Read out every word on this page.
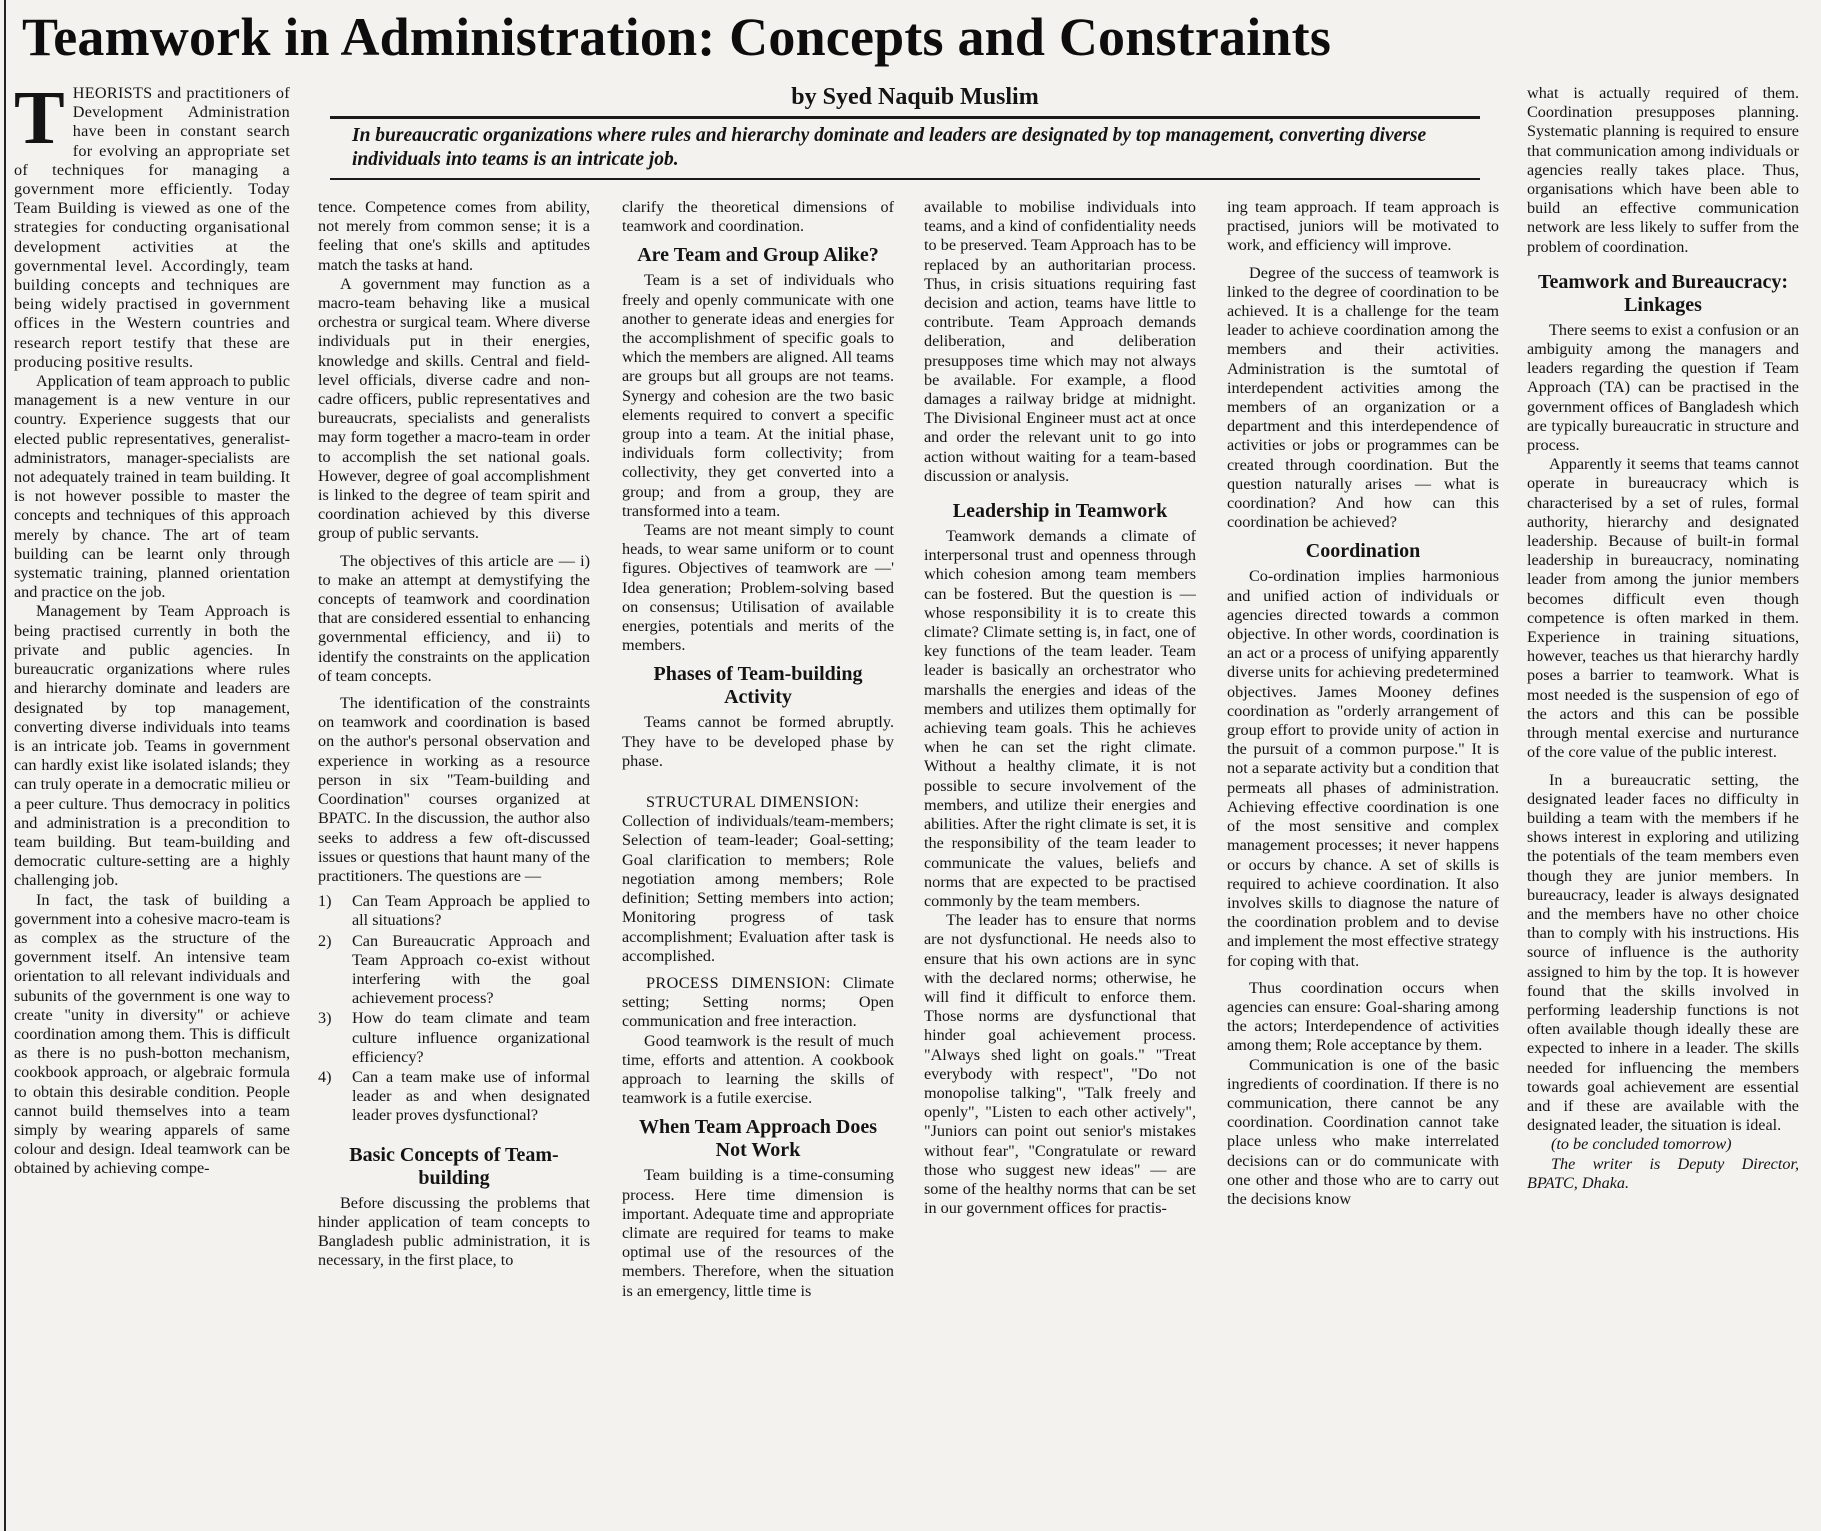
Teamwork in Administration: Concepts and Constraints
by Syed Naquib Muslim
In bureaucratic organizations where rules and hierarchy dominate and leaders are designated by top management, converting diverse individuals into teams is an intricate job.

THEORISTS and practitioners of Development Administration have been in constant search for evolving an appropriate set of techniques for managing a government more efficiently. Today Team Building is viewed as one of the strategies for conducting organisational development activities at the governmental level. Accordingly, team building concepts and techniques are being widely practised in government offices in the Western countries and research report testify that these are producing positive results.

Application of team approach to public management is a new venture in our country. Experience suggests that our elected public representatives, generalist-administrators, manager-specialists are not adequately trained in team building. It is not however possible to master the concepts and techniques of this approach merely by chance. The art of team building can be learnt only through systematic training, planned orientation and practice on the job.

Management by Team Approach is being practised currently in both the private and public agencies. In bureaucratic organizations where rules and hierarchy dominate and leaders are designated by top management, converting diverse individuals into teams is an intricate job. Teams in government can hardly exist like isolated islands; they can truly operate in a democratic milieu or a peer culture. Thus democracy in politics and administration is a precondition to team building. But team-building and democratic culture-setting are a highly challenging job.

In fact, the task of building a government into a cohesive macro-team is as complex as the structure of the government itself. An intensive team orientation to all relevant individuals and subunits of the government is one way to create "unity in diversity" or achieve coordination among them. This is difficult as there is no push-botton mechanism, cookbook approach, or algebraic formula to obtain this desirable condition. People cannot build themselves into a team simply by wearing apparels of same colour and design. Ideal teamwork can be obtained by achieving compe-

tence. Competence comes from ability, not merely from common sense; it is a feeling that one's skills and aptitudes match the tasks at hand.

A government may function as a macro-team behaving like a musical orchestra or surgical team. Where diverse individuals put in their energies, knowledge and skills. Central and field-level officials, diverse cadre and non-cadre officers, public representatives and bureaucrats, specialists and generalists may form together a macro-team in order to accomplish the set national goals. However, degree of goal accomplishment is linked to the degree of team spirit and coordination achieved by this diverse group of public servants.

The objectives of this article are — i) to make an attempt at demystifying the concepts of teamwork and coordination that are considered essential to enhancing governmental efficiency, and ii) to identify the constraints on the application of team concepts.

The identification of the constraints on teamwork and coordination is based on the author's personal observation and experience in working as a resource person in six "Team-building and Coordination" courses organized at BPATC. In the discussion, the author also seeks to address a few oft-discussed issues or questions that haunt many of the practitioners. The questions are —

1)	Can Team Approach be applied to all situations?
2)	Can Bureaucratic Approach and Team Approach co-exist without interfering with the goal achievement process?
3)	How do team climate and team culture influence organizational efficiency?
4)	Can a team make use of informal leader as and when designated leader proves dysfunctional?
Basic Concepts of Team-building

Before discussing the problems that hinder application of team concepts to Bangladesh public administration, it is necessary, in the first place, to

clarify the theoretical dimensions of teamwork and coordination.

Are Team and Group Alike?

Team is a set of individuals who freely and openly communicate with one another to generate ideas and energies for the accomplishment of specific goals to which the members are aligned. All teams are groups but all groups are not teams. Synergy and cohesion are the two basic elements required to convert a specific group into a team. At the initial phase, individuals form collectivity; from collectivity, they get converted into a group; and from a group, they are transformed into a team.

Teams are not meant simply to count heads, to wear same uniform or to count figures. Objectives of teamwork are —' Idea generation; Problem-solving based on consensus; Utilisation of available energies, potentials and merits of the members.

Phases of Team-building Activity

Teams cannot be formed abruptly. They have to be developed phase by phase.

STRUCTURAL DIMENSION:

Collection of individuals/team-members; Selection of team-leader; Goal-setting; Goal clarification to members; Role negotiation among members; Role definition; Setting members into action; Monitoring progress of task accomplishment; Evaluation after task is accomplished.

PROCESS DIMENSION: Climate setting; Setting norms; Open communication and free interaction.

Good teamwork is the result of much time, efforts and attention. A cookbook approach to learning the skills of teamwork is a futile exercise.

When Team Approach Does Not Work

Team building is a time-consuming process. Here time dimension is important. Adequate time and appropriate climate are required for teams to make optimal use of the resources of the members. Therefore, when the situation is an emergency, little time is

available to mobilise individuals into teams, and a kind of confidentiality needs to be preserved. Team Approach has to be replaced by an authoritarian process. Thus, in crisis situations requiring fast decision and action, teams have little to contribute. Team Approach demands deliberation, and deliberation presupposes time which may not always be available. For example, a flood damages a railway bridge at midnight. The Divisional Engineer must act at once and order the relevant unit to go into action without waiting for a team-based discussion or analysis.

Leadership in Teamwork

Teamwork demands a climate of interpersonal trust and openness through which cohesion among team members can be fostered. But the question is — whose responsibility it is to create this climate? Climate setting is, in fact, one of key functions of the team leader. Team leader is basically an orchestrator who marshalls the energies and ideas of the members and utilizes them optimally for achieving team goals. This he achieves when he can set the right climate. Without a healthy climate, it is not possible to secure involvement of the members, and utilize their energies and abilities. After the right climate is set, it is the responsibility of the team leader to communicate the values, beliefs and norms that are expected to be practised commonly by the team members.

The leader has to ensure that norms are not dysfunctional. He needs also to ensure that his own actions are in sync with the declared norms; otherwise, he will find it difficult to enforce them. Those norms are dysfunctional that hinder goal achievement process. "Always shed light on goals." "Treat everybody with respect", "Do not monopolise talking", "Talk freely and openly", "Listen to each other actively", "Juniors can point out senior's mistakes without fear", "Congratulate or reward those who suggest new ideas" — are some of the healthy norms that can be set in our government offices for practis-

ing team approach. If team approach is practised, juniors will be motivated to work, and efficiency will improve.

Degree of the success of teamwork is linked to the degree of coordination to be achieved. It is a challenge for the team leader to achieve coordination among the members and their activities. Administration is the sumtotal of interdependent activities among the members of an organization or a department and this interdependence of activities or jobs or programmes can be created through coordination. But the question naturally arises — what is coordination? And how can this coordination be achieved?

Coordination

Co-ordination implies harmonious and unified action of individuals or agencies directed towards a common objective. In other words, coordination is an act or a process of unifying apparently diverse units for achieving predetermined objectives. James Mooney defines coordination as "orderly arrangement of group effort to provide unity of action in the pursuit of a common purpose." It is not a separate activity but a condition that permeats all phases of administration. Achieving effective coordination is one of the most sensitive and complex management processes; it never happens or occurs by chance. A set of skills is required to achieve coordination. It also involves skills to diagnose the nature of the coordination problem and to devise and implement the most effective strategy for coping with that.

Thus coordination occurs when agencies can ensure: Goal-sharing among the actors; Interdependence of activities among them; Role acceptance by them.

Communication is one of the basic ingredients of coordination. If there is no communication, there cannot be any coordination. Coordination cannot take place unless who make interrelated decisions can or do communicate with one other and those who are to carry out the decisions know

what is actually required of them. Coordination presupposes planning. Systematic planning is required to ensure that communication among individuals or agencies really takes place. Thus, organisations which have been able to build an effective communication network are less likely to suffer from the problem of coordination.

Teamwork and Bureaucracy: Linkages

There seems to exist a confusion or an ambiguity among the managers and leaders regarding the question if Team Approach (TA) can be practised in the government offices of Bangladesh which are typically bureaucratic in structure and process.

Apparently it seems that teams cannot operate in bureaucracy which is characterised by a set of rules, formal authority, hierarchy and designated leadership. Because of built-in formal leadership in bureaucracy, nominating leader from among the junior members becomes difficult even though competence is often marked in them. Experience in training situations, however, teaches us that hierarchy hardly poses a barrier to teamwork. What is most needed is the suspension of ego of the actors and this can be possible through mental exercise and nurturance of the core value of the public interest.

In a bureaucratic setting, the designated leader faces no difficulty in building a team with the members if he shows interest in exploring and utilizing the potentials of the team members even though they are junior members. In bureaucracy, leader is always designated and the members have no other choice than to comply with his instructions. His source of influence is the authority assigned to him by the top. It is however found that the skills involved in performing leadership functions is not often available though ideally these are expected to inhere in a leader. The skills needed for influencing the members towards goal achievement are essential and if these are available with the designated leader, the situation is ideal.

(to be concluded tomorrow)

The writer is Deputy Director, BPATC, Dhaka.
